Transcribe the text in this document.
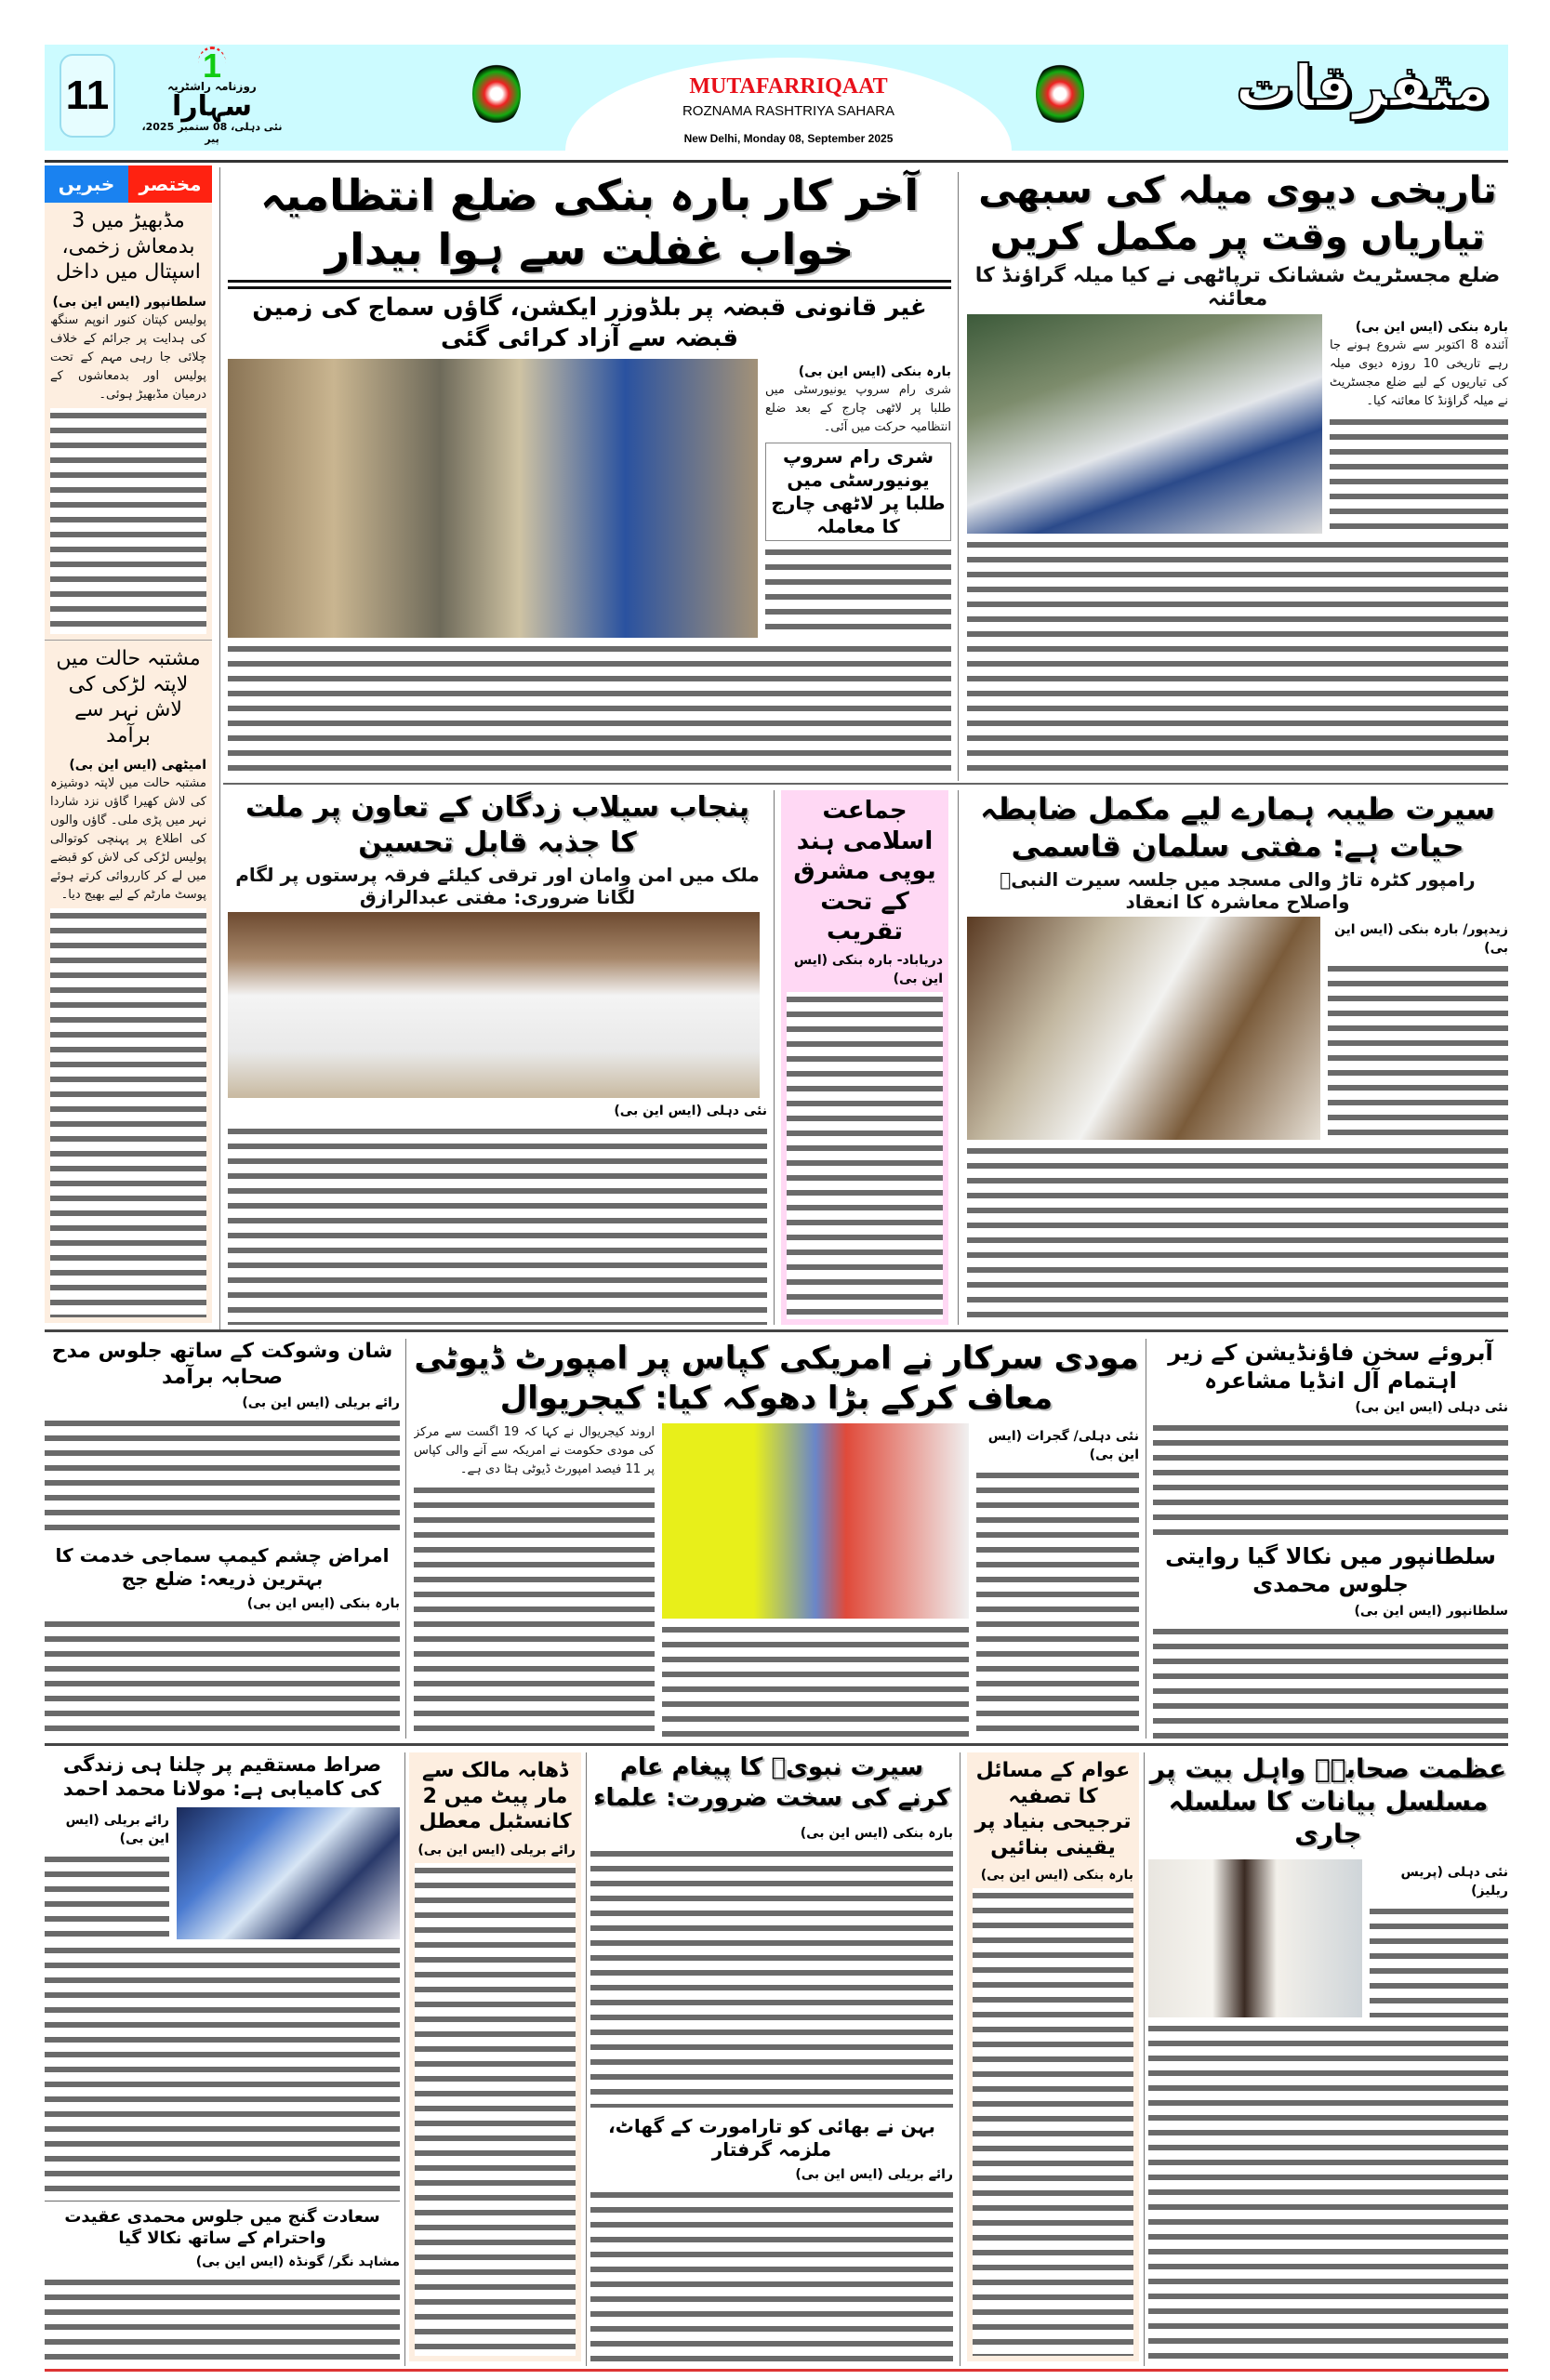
11
1
روزنامہ راشٹریہ
سہارا
نئی دہلی، 08 ستمبر 2025، پیر
MUTAFARRIQAAT
ROZNAMA RASHTRIYA SAHARA
New Delhi, Monday 08, September 2025
متفرقات
خبریں	مختصر
مڈبھیڑ میں 3 بدمعاش زخمی، اسپتال میں داخل
سلطانپور (ایس این بی)
پولیس کپتان کنور انوپم سنگھ کی ہدایت پر جرائم کے خلاف چلائی جا رہی مہم کے تحت پولیس اور بدمعاشوں کے درمیان مڈبھیڑ ہوئی۔
مشتبہ حالت میں لاپتہ لڑکی کی لاش نہر سے برآمد
امیٹھی (ایس این بی)
مشتبہ حالت میں لاپتہ دوشیزہ کی لاش کھیرا گاؤں نزد شاردا نہر میں پڑی ملی۔ گاؤں والوں کی اطلاع پر پہنچی کوتوالی پولیس لڑکی کی لاش کو قبضے میں لے کر کارروائی کرتے ہوئے پوسٹ مارٹم کے لیے بھیج دیا۔
تاریخی دیوی میلہ کی سبھی تیاریاں وقت پر مکمل کریں
ضلع مجسٹریٹ ششانک ترپاٹھی نے کیا میلہ گراؤنڈ کا معائنہ
بارہ بنکی (ایس این بی)
آئندہ 8 اکتوبر سے شروع ہونے جا رہے تاریخی 10 روزہ دیوی میلہ کی تیاریوں کے لیے ضلع مجسٹریٹ نے میلہ گراؤنڈ کا معائنہ کیا۔
آخر کار بارہ بنکی ضلع انتظامیہ خواب غفلت سے ہوا بیدار
غیر قانونی قبضہ پر بلڈوزر ایکشن، گاؤں سماج کی زمین قبضہ سے آزاد کرائی گئی
بارہ بنکی (ایس این بی)
شری رام سروپ یونیورسٹی میں طلبا پر لاٹھی چارج کے بعد ضلع انتظامیہ حرکت میں آئی۔
شری رام سروپ یونیورسٹی میں طلبا پر لاٹھی چارج کا معاملہ
سیرت طیبہ ہمارے لیے مکمل ضابطہ حیات ہے: مفتی سلمان قاسمی
رامپور کٹرہ تاڑ والی مسجد میں جلسہ سیرت النبیؐ واصلاح معاشرہ کا انعقاد
زیدپور/ بارہ بنکی (ایس این بی)
جماعت اسلامی ہند یوپی مشرق کے تحت تقریب
دریاباد- بارہ بنکی (ایس این بی)
پنجاب سیلاب زدگان کے تعاون پر ملت کا جذبہ قابل تحسین
ملک میں امن وامان اور ترقی کیلئے فرقہ پرستوں پر لگام لگانا ضروری: مفتی عبدالرازق
نئی دہلی (ایس این بی)
آبروئے سخن فاؤنڈیشن کے زیر اہتمام آل انڈیا مشاعرہ
نئی دہلی (ایس این بی)
سلطانپور میں نکالا گیا روایتی جلوس محمدی
سلطانپور (ایس این بی)
مودی سرکار نے امریکی کپاس پر امپورٹ ڈیوٹی معاف کرکے بڑا دھوکہ کیا: کیجریوال
نئی دہلی/ گجرات (ایس این بی)
اروند کیجریوال نے کہا کہ 19 اگست سے مرکز کی مودی حکومت نے امریکہ سے آنے والی کپاس پر 11 فیصد امپورٹ ڈیوٹی ہٹا دی ہے۔
شان وشوکت کے ساتھ جلوس مدح صحابہ برآمد
رائے بریلی (ایس این بی)
امراض چشم کیمپ سماجی خدمت کا بہترین ذریعہ: ضلع جج
بارہ بنکی (ایس این بی)
عظمت صحابہؓ واہل بیت پر مسلسل بیانات کا سلسلہ جاری
نئی دہلی (پریس ریلیز)
عوام کے مسائل کا تصفیہ ترجیحی بنیاد پر یقینی بنائیں
بارہ بنکی (ایس این بی)
سیرت نبویؐ کا پیغام عام کرنے کی سخت ضرورت: علماء
بارہ بنکی (ایس این بی)
بہن نے بھائی کو تارامورت کے گھاٹ، ملزمہ گرفتار
رائے بریلی (ایس این بی)
ڈھابہ مالک سے مار پیٹ میں 2 کانسٹبل معطل
رائے بریلی (ایس این بی)
صراط مستقیم پر چلنا ہی زندگی کی کامیابی ہے: مولانا محمد احمد
رائے بریلی (ایس این بی)
سعادت گنج میں جلوس محمدی عقیدت واحترام کے ساتھ نکالا گیا
مشاہد نگر/ گونڈہ (ایس این بی)
